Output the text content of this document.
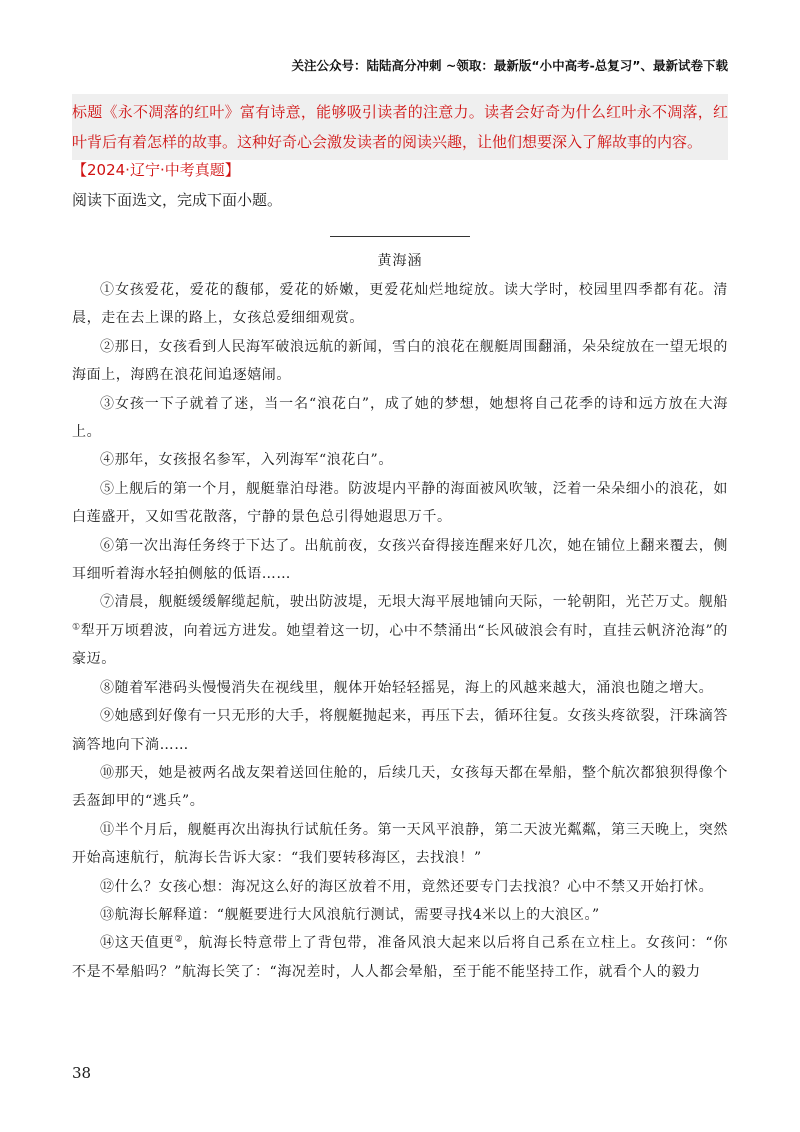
关注公众号：陆陆高分冲刺 ~领取：最新版“小中高考-总复习”、最新试卷下载
标题《永不凋落的红叶》富有诗意，能够吸引读者的注意力。读者会好奇为什么红叶永不凋落，红叶背后有着怎样的故事。这种好奇心会激发读者的阅读兴趣，让他们想要深入了解故事的内容。
【2024·辽宁·中考真题】
阅读下面选文，完成下面小题。
黄海涵

①女孩爱花，爱花的馥郁，爱花的娇嫩，更爱花灿烂地绽放。读大学时，校园里四季都有花。清晨，走在去上课的路上，女孩总爱细细观赏。

②那日，女孩看到人民海军破浪远航的新闻，雪白的浪花在舰艇周围翻涌，朵朵绽放在一望无垠的海面上，海鸥在浪花间追逐嬉闹。

③女孩一下子就着了迷，当一名“浪花白”，成了她的梦想，她想将自己花季的诗和远方放在大海上。

④那年，女孩报名参军，入列海军“浪花白”。

⑤上舰后的第一个月，舰艇靠泊母港。防波堤内平静的海面被风吹皱，泛着一朵朵细小的浪花，如白莲盛开，又如雪花散落，宁静的景色总引得她遐思万千。

⑥第一次出海任务终于下达了。出航前夜，女孩兴奋得接连醒来好几次，她在铺位上翻来覆去，侧耳细听着海水轻拍侧舷的低语……

⑦清晨，舰艇缓缓解缆起航，驶出防波堤，无垠大海平展地铺向天际，一轮朝阳，光芒万丈。舰船①犁开万顷碧波，向着远方进发。她望着这一切，心中不禁涌出“长风破浪会有时，直挂云帆济沧海”的豪迈。

⑧随着军港码头慢慢消失在视线里，舰体开始轻轻摇晃，海上的风越来越大，涌浪也随之增大。

⑨她感到好像有一只无形的大手，将舰艇抛起来，再压下去，循环往复。女孩头疼欲裂，汗珠滴答滴答地向下淌……

⑩那天，她是被两名战友架着送回住舱的，后续几天，女孩每天都在晕船，整个航次都狼狈得像个丢盔卸甲的“逃兵”。

⑪半个月后，舰艇再次出海执行试航任务。第一天风平浪静，第二天波光粼粼，第三天晚上，突然开始高速航行，航海长告诉大家：“我们要转移海区，去找浪！”

⑫什么？女孩心想：海况这么好的海区放着不用，竟然还要专门去找浪？心中不禁又开始打怵。

⑬航海长解释道：“舰艇要进行大风浪航行测试，需要寻找4米以上的大浪区。”

⑭这天值更②，航海长特意带上了背包带，准备风浪大起来以后将自己系在立柱上。女孩问：“你不是不晕船吗？”航海长笑了：“海况差时，人人都会晕船，至于能不能坚持工作，就看个人的毅力

38
